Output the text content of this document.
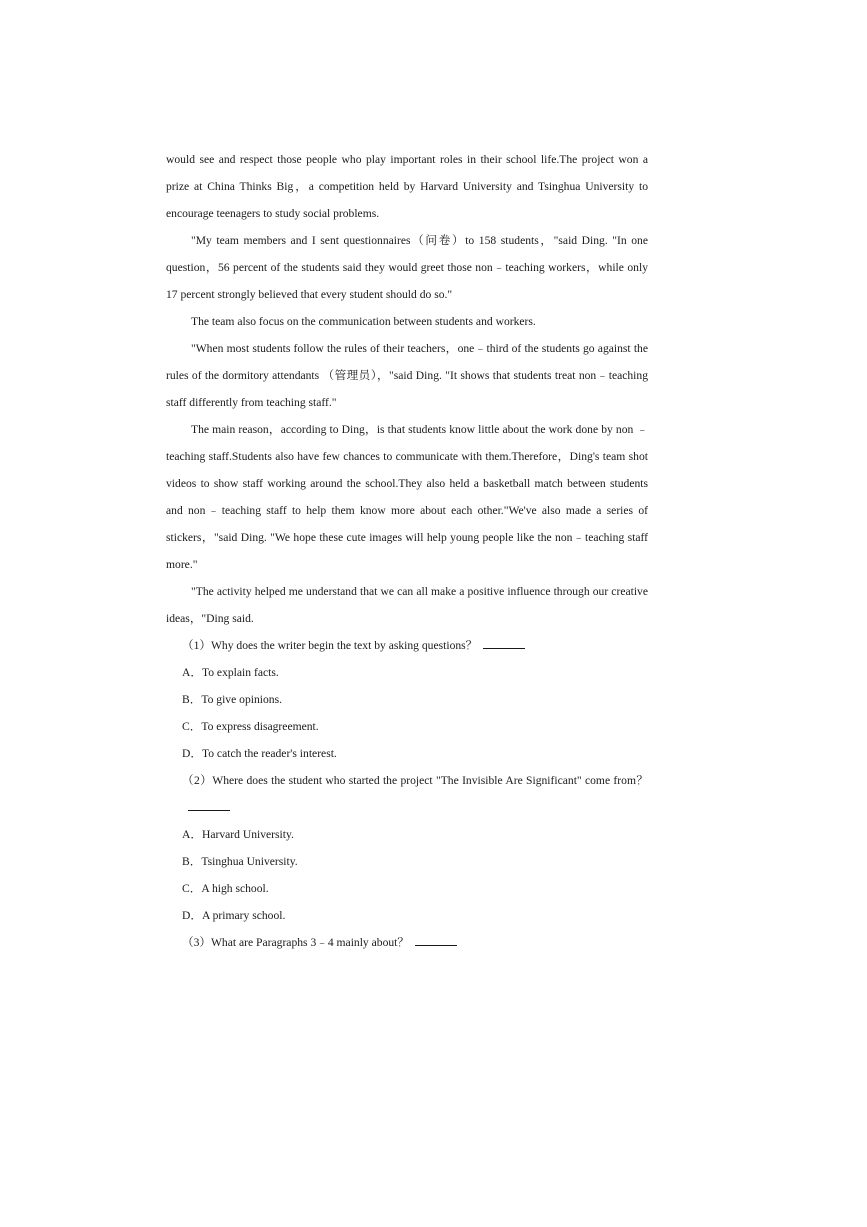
would see and respect those people who play important roles in their school life.The project won a prize at China Thinks Big，a competition held by Harvard University and Tsinghua University to encourage teenagers to study social problems.

"My team members and I sent questionnaires（问卷）to 158 students，"said Ding. "In one question，56 percent of the students said they would greet those non﹣teaching workers，while only 17 percent strongly believed that every student should do so."

The team also focus on the communication between students and workers.

"When most students follow the rules of their teachers，one﹣third of the students go against the rules of the dormitory attendants （管理员），"said Ding. "It shows that students treat non﹣teaching staff differently from teaching staff."

The main reason，according to Ding，is that students know little about the work done by non ﹣ teaching staff.Students also have few chances to communicate with them.Therefore，Ding's team shot videos to show staff working around the school.They also held a basketball match between students and non﹣teaching staff to help them know more about each other."We've also made a series of stickers，"said Ding. "We hope these cute images will help young people like the non﹣teaching staff more."

"The activity helped me understand that we can all make a positive influence through our creative ideas，"Ding said.

（1）Why does the writer begin the text by asking questions？

A．To explain facts.

B．To give opinions.

C．To express disagreement.

D．To catch the reader's interest.

（2）Where does the student who started the project "The Invisible Are Significant" come from？

A．Harvard University.

B．Tsinghua University.

C．A high school.

D．A primary school.

（3）What are Paragraphs 3﹣4 mainly about？
